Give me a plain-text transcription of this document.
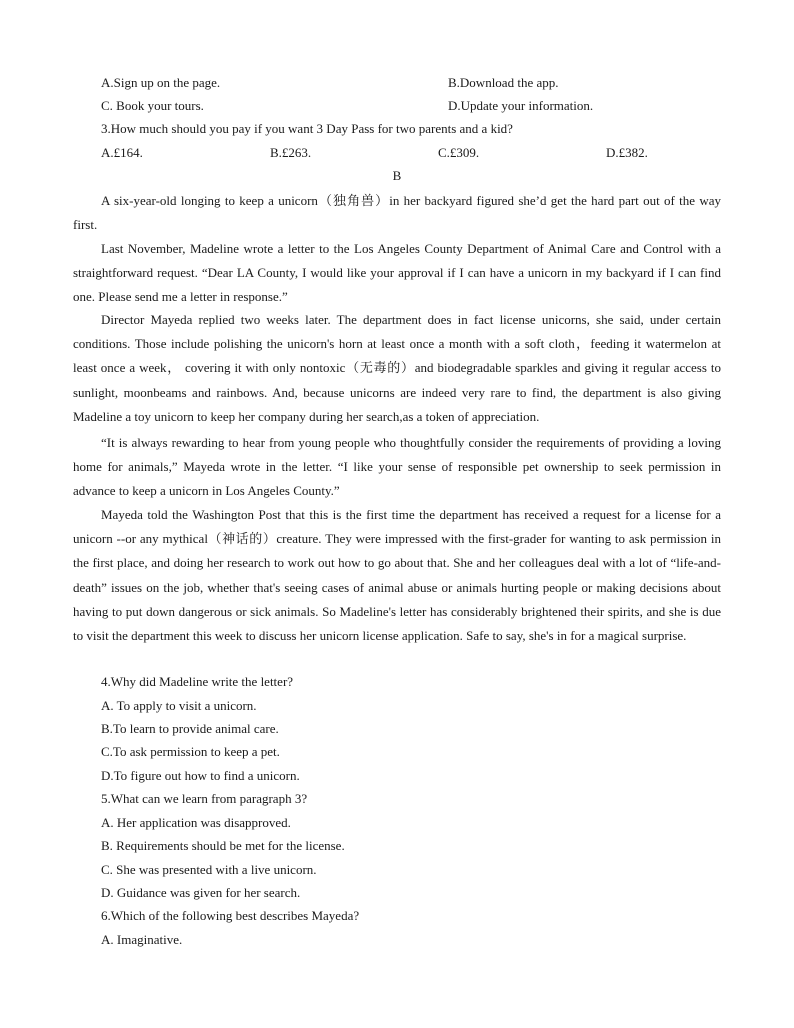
A.Sign up on the page.	B.Download the app.
C. Book your tours.	D.Update your information.
3.How much should you pay if you want 3 Day Pass for two parents and a kid?
A.£164.	B.£263.	C.£309.	D.£382.
B
A six-year-old longing to keep a unicorn（独角兽）in her backyard figured she’d get the hard part out of the way first.
Last November, Madeline wrote a letter to the Los Angeles County Department of Animal Care and Control with a straightforward request. “Dear LA County, I would like your approval if I can have a unicorn in my backyard if I can find one. Please send me a letter in response.”
Director Mayeda replied two weeks later. The department does in fact license unicorns, she said, under certain conditions. Those include polishing the unicorn's horn at least once a month with a soft cloth，feeding it watermelon at least once a week， covering it with only nontoxic（无毒的）and biodegradable sparkles and giving it regular access to sunlight, moonbeams and rainbows. And, because unicorns are indeed very rare to find, the department is also giving Madeline a toy unicorn to keep her company during her search,as a token of appreciation.
“It is always rewarding to hear from young people who thoughtfully consider the requirements of providing a loving home for animals,” Mayeda wrote in the letter. “I like your sense of responsible pet ownership to seek permission in advance to keep a unicorn in Los Angeles County.”
Mayeda told the Washington Post that this is the first time the department has received a request for a license for a unicorn --or any mythical（神话的）creature. They were impressed with the first-grader for wanting to ask permission in the first place, and doing her research to work out how to go about that. She and her colleagues deal with a lot of “life-and-death” issues on the job, whether that's seeing cases of animal abuse or animals hurting people or making decisions about having to put down dangerous or sick animals. So Madeline's letter has considerably brightened their spirits, and she is due to visit the department this week to discuss her unicorn license application. Safe to say, she's in for a magical surprise.
4.Why did Madeline write the letter?
A. To apply to visit a unicorn.
B.To learn to provide animal care.
C.To ask permission to keep a pet.
D.To figure out how to find a unicorn.
5.What can we learn from paragraph 3?
A. Her application was disapproved.
B. Requirements should be met for the license.
C. She was presented with a live unicorn.
D. Guidance was given for her search.
6.Which of the following best describes Mayeda?
A. Imaginative.
